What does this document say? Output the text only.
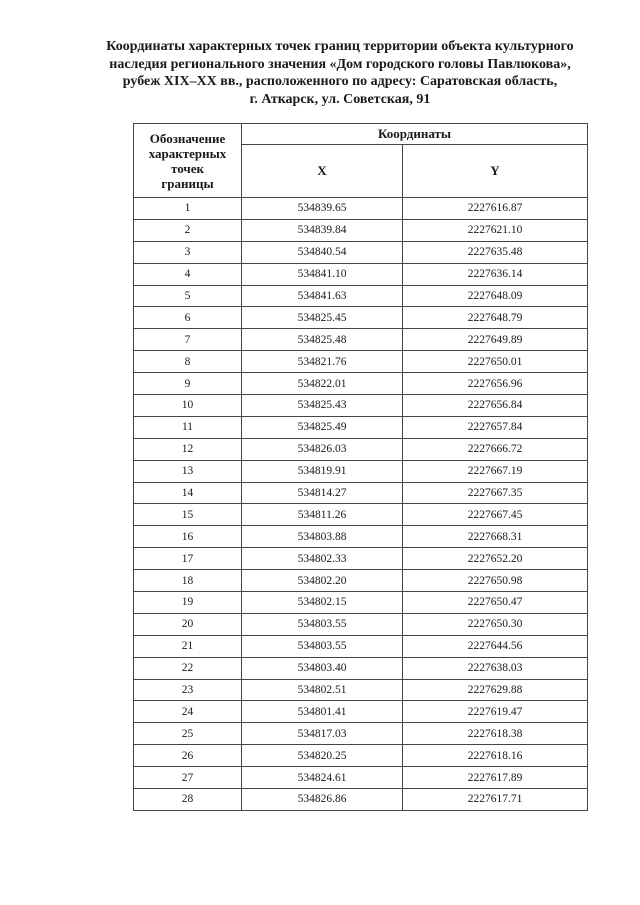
Координаты характерных точек границ территории объекта культурного
наследия регионального значения «Дом городского головы Павлюкова»,
рубеж XIX–XX вв., расположенного по адресу: Саратовская область,
г. Аткарск, ул. Советская, 91
Обозначение
характерных
точек
границы	Координаты	
	X	Y
1	534839.65	2227616.87
2	534839.84	2227621.10
3	534840.54	2227635.48
4	534841.10	2227636.14
5	534841.63	2227648.09
6	534825.45	2227648.79
7	534825.48	2227649.89
8	534821.76	2227650.01
9	534822.01	2227656.96
10	534825.43	2227656.84
11	534825.49	2227657.84
12	534826.03	2227666.72
13	534819.91	2227667.19
14	534814.27	2227667.35
15	534811.26	2227667.45
16	534803.88	2227668.31
17	534802.33	2227652.20
18	534802.20	2227650.98
19	534802.15	2227650.47
20	534803.55	2227650.30
21	534803.55	2227644.56
22	534803.40	2227638.03
23	534802.51	2227629.88
24	534801.41	2227619.47
25	534817.03	2227618.38
26	534820.25	2227618.16
27	534824.61	2227617.89
28	534826.86	2227617.71
